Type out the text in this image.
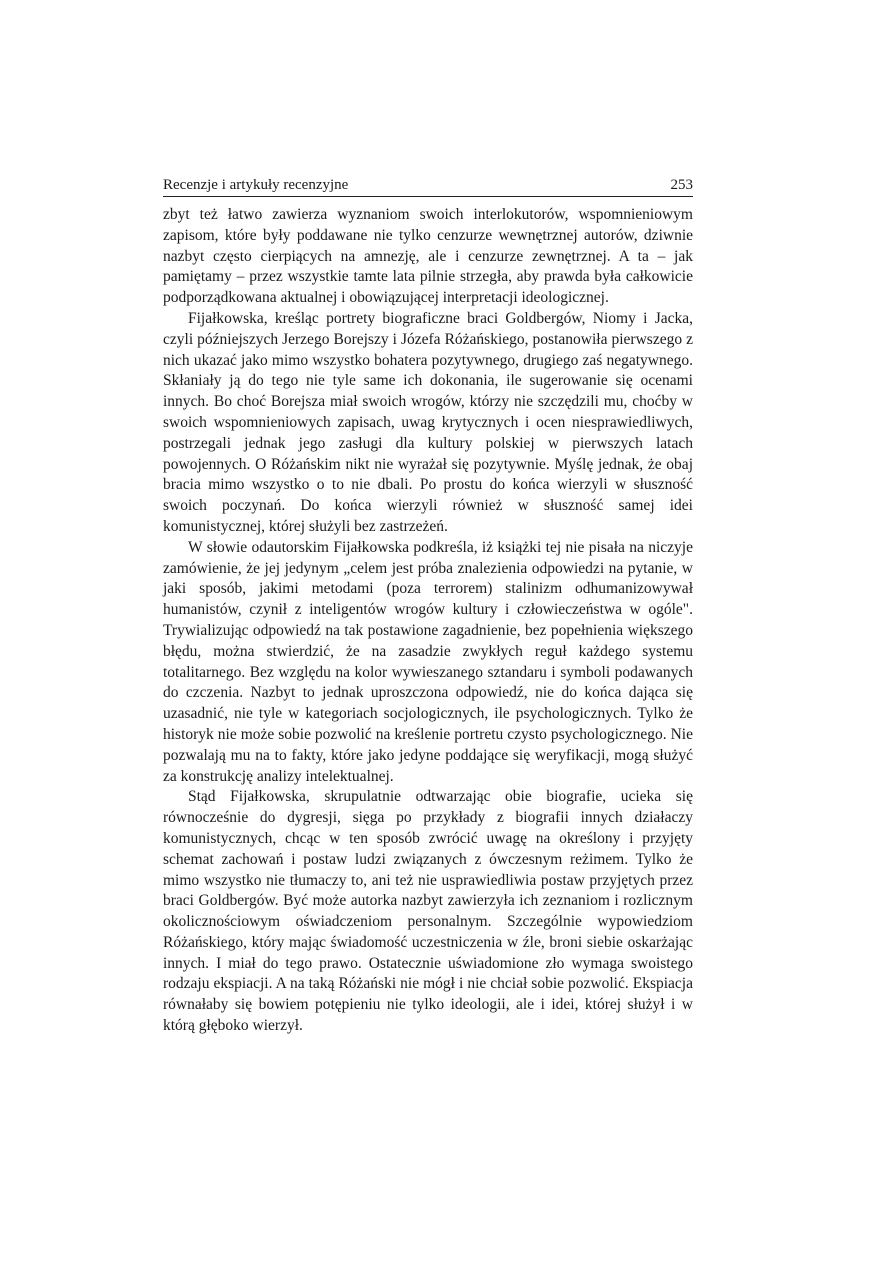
Recenzje i artykuły recenzyjne	253

zbyt też łatwo zawierza wyznaniom swoich interlokutorów, wspomnieniowym zapisom, które były poddawane nie tylko cenzurze wewnętrznej autorów, dziwnie nazbyt często cierpiących na amnezję, ale i cenzurze zewnętrznej. A ta – jak pamiętamy – przez wszystkie tamte lata pilnie strzegła, aby prawda była całkowicie podporządkowana aktualnej i obowiązującej interpretacji ideologicznej.

Fijałkowska, kreśląc portrety biograficzne braci Goldbergów, Niomy i Jacka, czyli późniejszych Jerzego Borejszy i Józefa Różańskiego, postanowiła pierwszego z nich ukazać jako mimo wszystko bohatera pozytywnego, drugiego zaś negatywnego. Skłaniały ją do tego nie tyle same ich dokonania, ile sugerowanie się ocenami innych. Bo choć Borejsza miał swoich wrogów, którzy nie szczędzili mu, choćby w swoich wspomnieniowych zapisach, uwag krytycznych i ocen niesprawiedliwych, postrzegali jednak jego zasługi dla kultury polskiej w pierwszych latach powojennych. O Różańskim nikt nie wyrażał się pozytywnie. Myślę jednak, że obaj bracia mimo wszystko o to nie dbali. Po prostu do końca wierzyli w słuszność swoich poczynań. Do końca wierzyli również w słuszność samej idei komunistycznej, której służyli bez zastrzeżeń.

W słowie odautorskim Fijałkowska podkreśla, iż książki tej nie pisała na niczyje zamówienie, że jej jedynym „celem jest próba znalezienia odpowiedzi na pytanie, w jaki sposób, jakimi metodami (poza terrorem) stalinizm odhumanizowywał humanistów, czynił z inteligentów wrogów kultury i człowieczeństwa w ogóle". Trywializując odpowiedź na tak postawione zagadnienie, bez popełnienia większego błędu, można stwierdzić, że na zasadzie zwykłych reguł każdego systemu totalitarnego. Bez względu na kolor wywieszanego sztandaru i symboli podawanych do czczenia. Nazbyt to jednak uproszczona odpowiedź, nie do końca dająca się uzasadnić, nie tyle w kategoriach socjologicznych, ile psychologicznych. Tylko że historyk nie może sobie pozwolić na kreślenie portretu czysto psychologicznego. Nie pozwalają mu na to fakty, które jako jedyne poddające się weryfikacji, mogą służyć za konstrukcję analizy intelektualnej.

Stąd Fijałkowska, skrupulatnie odtwarzając obie biografie, ucieka się równocześnie do dygresji, sięga po przykłady z biografii innych działaczy komunistycznych, chcąc w ten sposób zwrócić uwagę na określony i przyjęty schemat zachowań i postaw ludzi związanych z ówczesnym reżimem. Tylko że mimo wszystko nie tłumaczy to, ani też nie usprawiedliwia postaw przyjętych przez braci Goldbergów. Być może autorka nazbyt zawierzyła ich zeznaniom i rozlicznym okolicznościowym oświadczeniom personalnym. Szczególnie wypowiedziom Różańskiego, który mając świadomość uczestniczenia w źle, broni siebie oskarżając innych. I miał do tego prawo. Ostatecznie uświadomione zło wymaga swoistego rodzaju ekspiacji. A na taką Różański nie mógł i nie chciał sobie pozwolić. Ekspiacja równałaby się bowiem potępieniu nie tylko ideologii, ale i idei, której służył i w którą głęboko wierzył.
